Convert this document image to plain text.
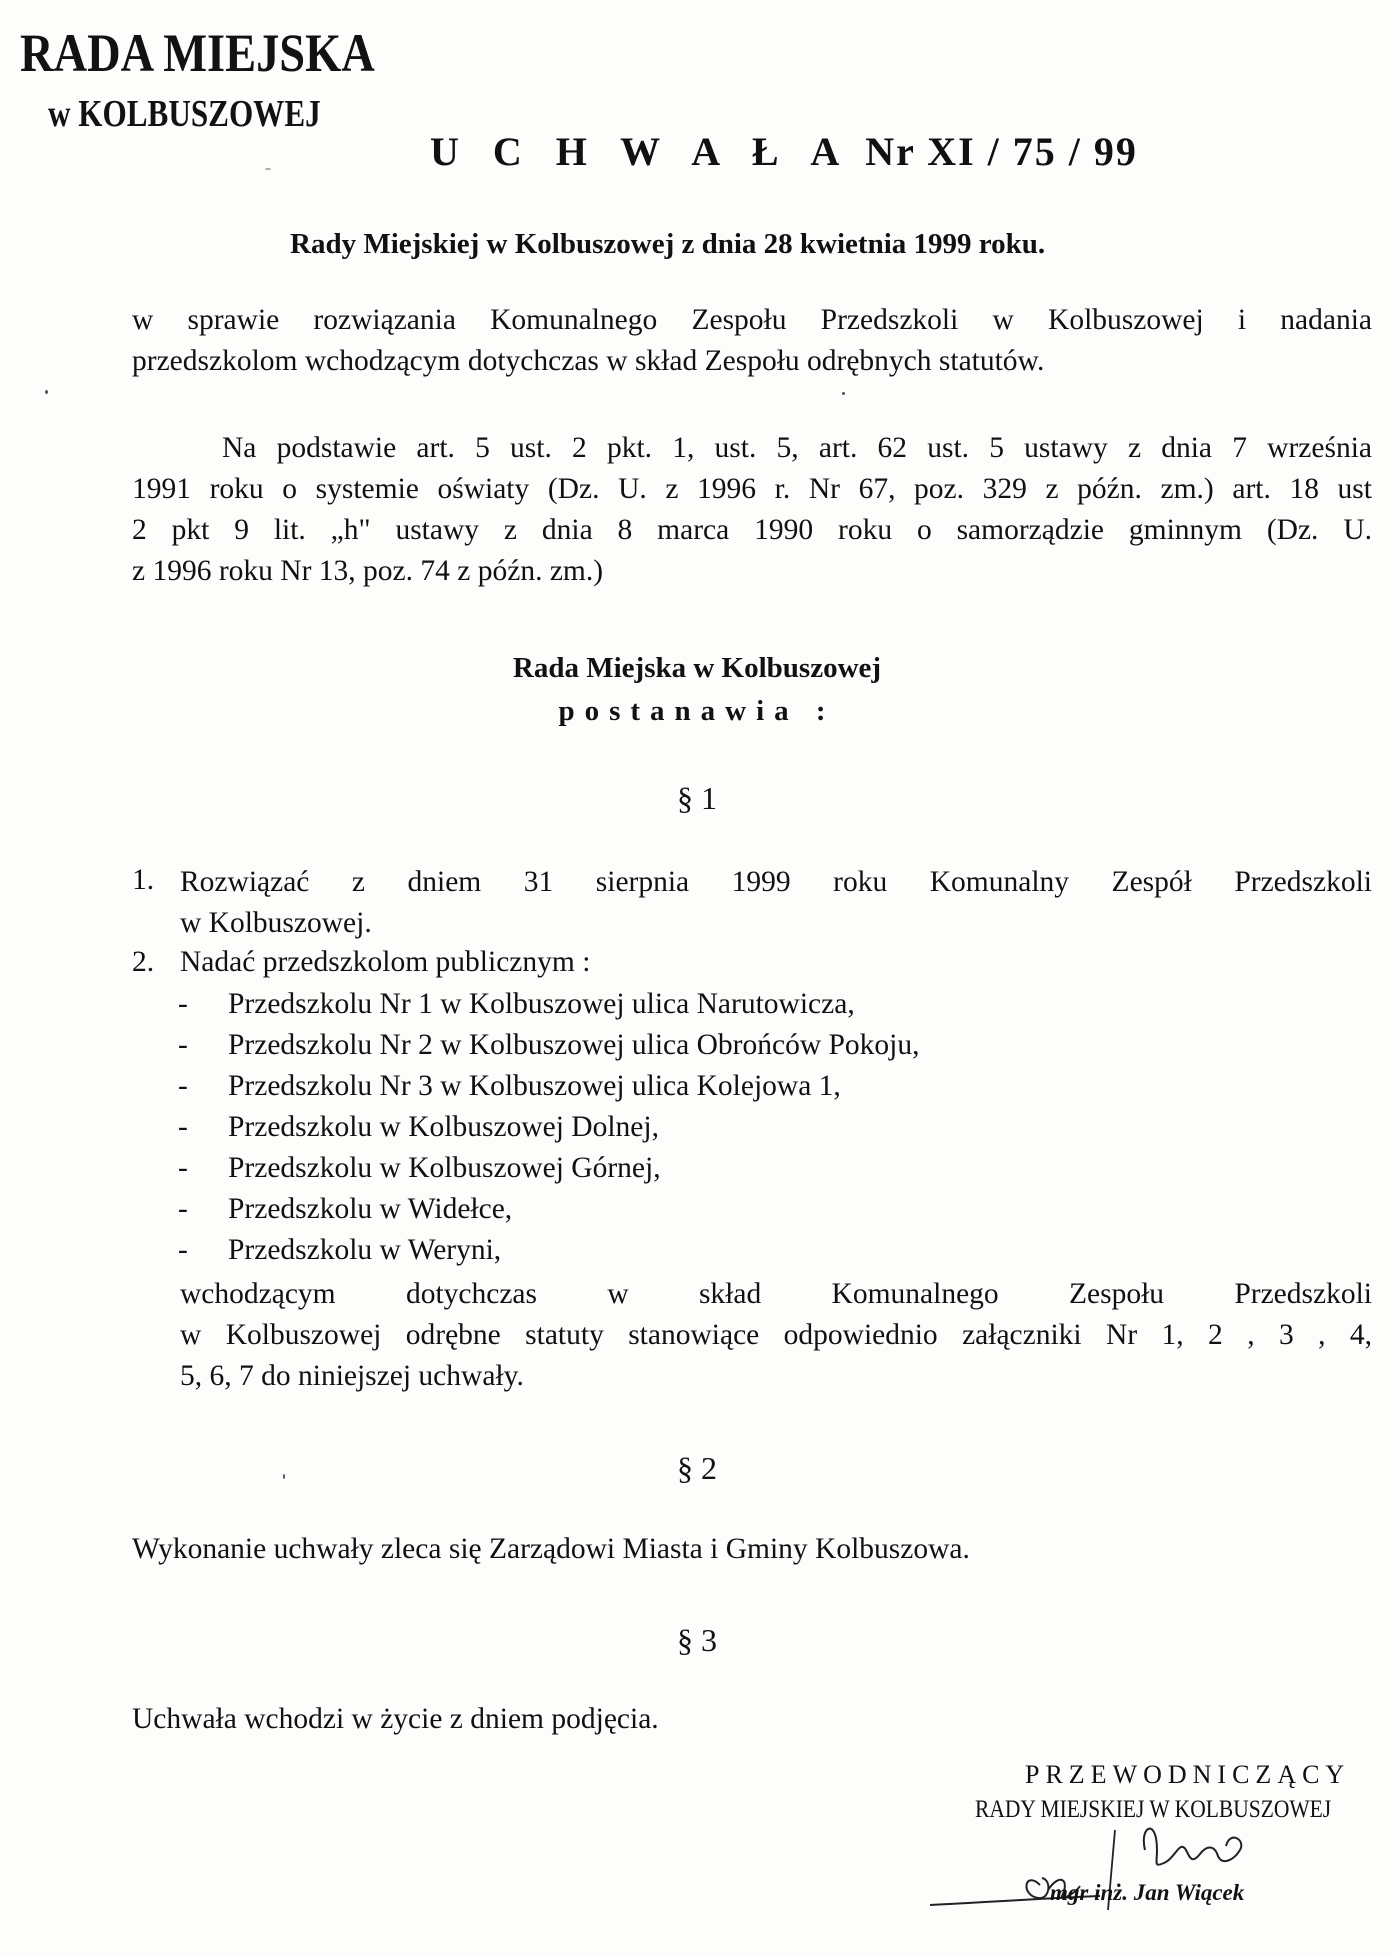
RADA MIEJSKA
w KOLBUSZOWEJ
U C H W A Ł A Nr XI / 75 / 99
Rady Miejskiej w Kolbuszowej z dnia 28 kwietnia 1999 roku.
w sprawie rozwiązania Komunalnego Zespołu Przedszkoli w Kolbuszowej i nadania
przedszkolom wchodzącym dotychczas w skład Zespołu odrębnych statutów.
Na podstawie art. 5 ust. 2 pkt. 1, ust. 5, art. 62 ust. 5 ustawy z dnia 7 września
1991 roku o systemie oświaty (Dz. U. z 1996 r. Nr 67, poz. 329 z późn. zm.) art. 18 ust
2 pkt 9 lit. „h" ustawy z dnia 8 marca 1990 roku o samorządzie gminnym (Dz. U.
z 1996 roku Nr 13, poz. 74 z późn. zm.)
Rada Miejska w Kolbuszowej
postanawia :
§ 1
1. Rozwiązać z dniem 31 sierpnia 1999 roku Komunalny Zespół Przedszkoli
w Kolbuszowej.
2. Nadać przedszkolom publicznym :
- Przedszkolu Nr 1 w Kolbuszowej ulica Narutowicza,
- Przedszkolu Nr 2 w Kolbuszowej ulica Obrońców Pokoju,
- Przedszkolu Nr 3 w Kolbuszowej ulica Kolejowa 1,
- Przedszkolu w Kolbuszowej Dolnej,
- Przedszkolu w Kolbuszowej Górnej,
- Przedszkolu w Widełce,
- Przedszkolu w Weryni,
wchodzącym dotychczas w skład Komunalnego Zespołu Przedszkoli
w Kolbuszowej odrębne statuty stanowiące odpowiednio załączniki Nr 1, 2 , 3 , 4,
5, 6, 7 do niniejszej uchwały.
§ 2
Wykonanie uchwały zleca się Zarządowi Miasta i Gminy Kolbuszowa.
§ 3
Uchwała wchodzi w życie z dniem podjęcia.
PRZEWODNICZĄCY
RADY MIEJSKIEJ W KOLBUSZOWEJ
mgr inż. Jan Wiącek
